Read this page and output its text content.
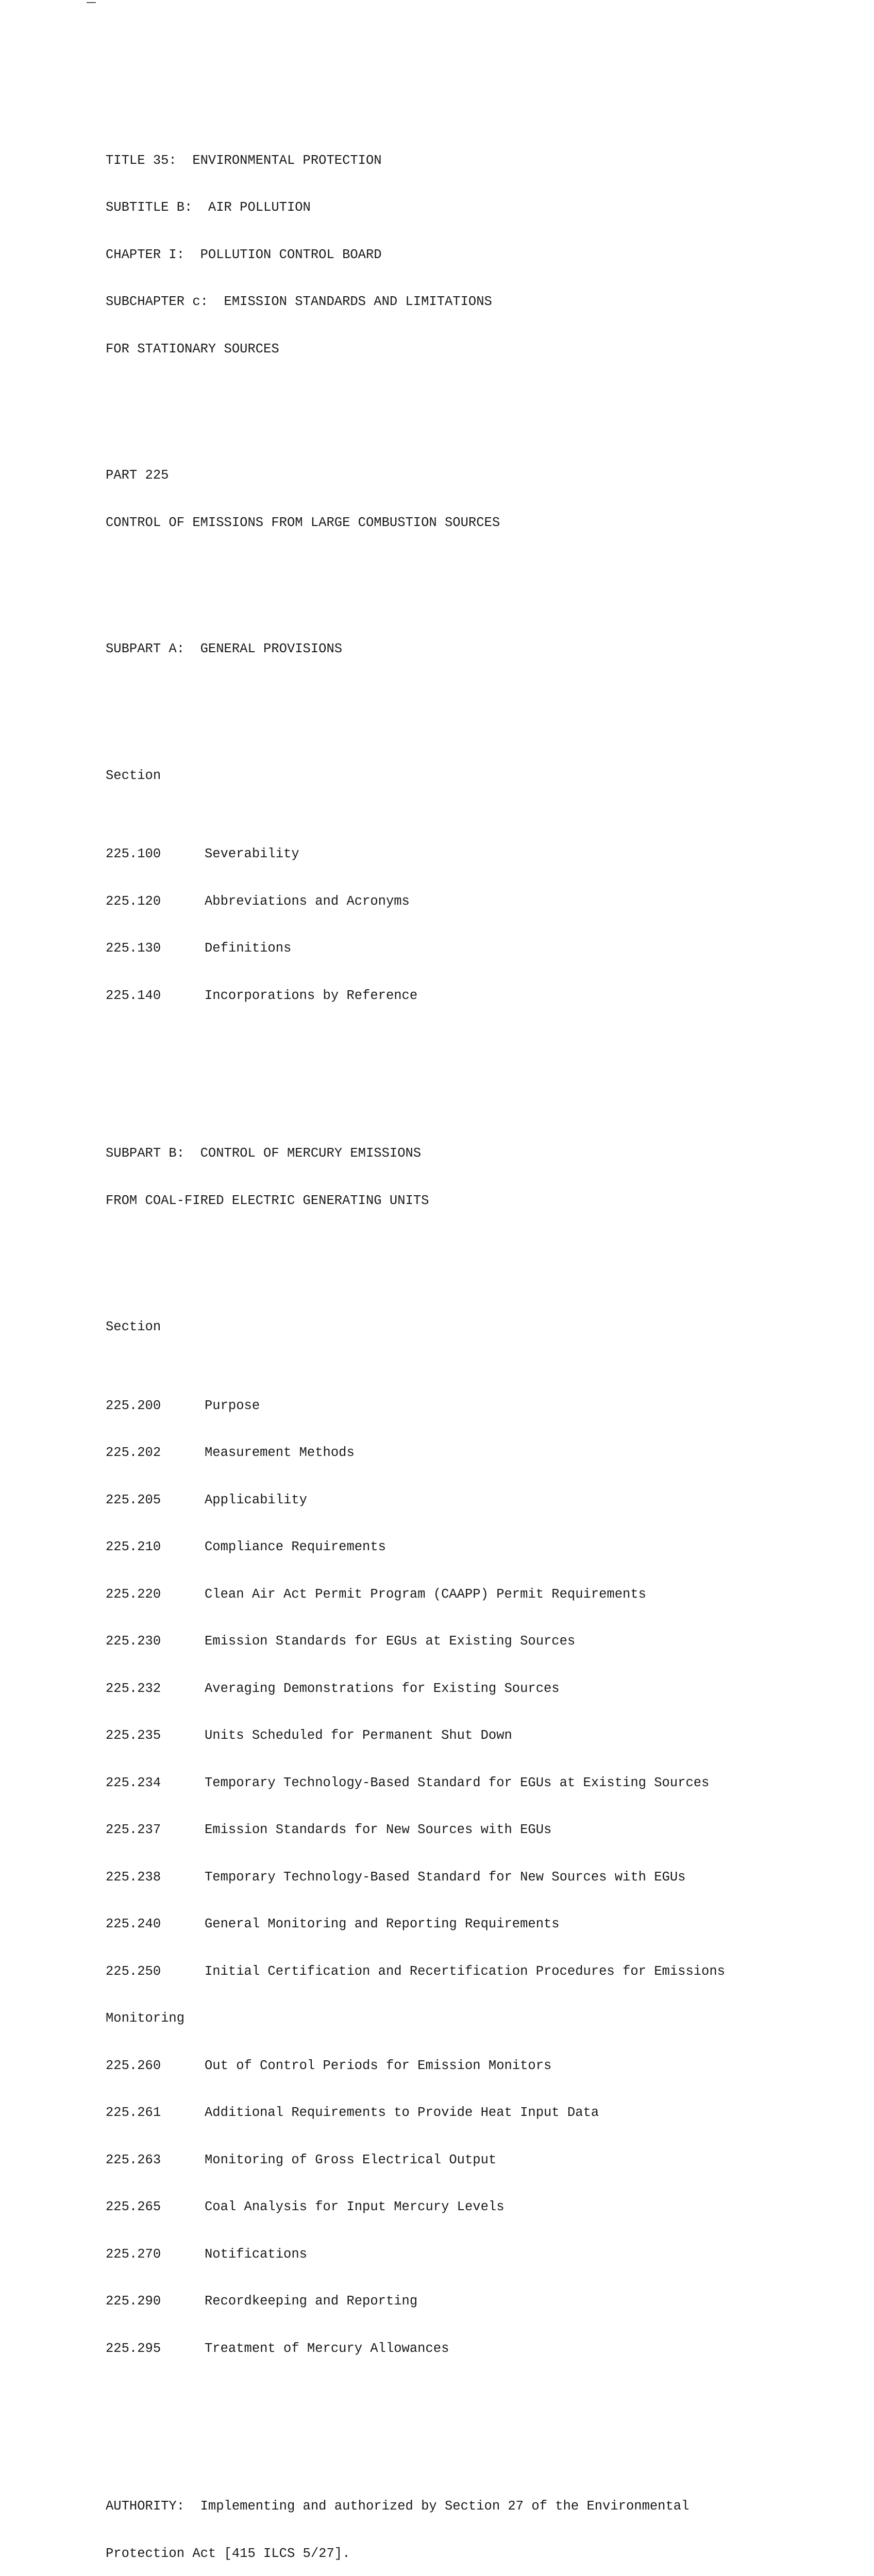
TITLE 35:  ENVIRONMENTAL PROTECTION

SUBTITLE B:  AIR POLLUTION

CHAPTER I:  POLLUTION CONTROL BOARD

SUBCHAPTER c:  EMISSION STANDARDS AND LIMITATIONS

FOR STATIONARY SOURCES

PART 225

CONTROL OF EMISSIONS FROM LARGE COMBUSTION SOURCES

SUBPART A:  GENERAL PROVISIONS

Section

225.100	Severability

225.120	Abbreviations and Acronyms

225.130	Definitions

225.140	Incorporations by Reference

SUBPART B:  CONTROL OF MERCURY EMISSIONS

FROM COAL-FIRED ELECTRIC GENERATING UNITS

Section

225.200	Purpose

225.202	Measurement Methods

225.205	Applicability

225.210	Compliance Requirements

225.220	Clean Air Act Permit Program (CAAPP) Permit Requirements

225.230	Emission Standards for EGUs at Existing Sources

225.232	Averaging Demonstrations for Existing Sources

225.235	Units Scheduled for Permanent Shut Down

225.234	Temporary Technology-Based Standard for EGUs at Existing Sources

225.237	Emission Standards for New Sources with EGUs

225.238	Temporary Technology-Based Standard for New Sources with EGUs

225.240	General Monitoring and Reporting Requirements

225.250	Initial Certification and Recertification Procedures for Emissions

Monitoring

225.260	Out of Control Periods for Emission Monitors

225.261	Additional Requirements to Provide Heat Input Data

225.263	Monitoring of Gross Electrical Output

225.265	Coal Analysis for Input Mercury Levels

225.270	Notifications

225.290	Recordkeeping and Reporting

225.295	Treatment of Mercury Allowances

AUTHORITY:  Implementing and authorized by Section 27 of the Environmental

Protection Act [415 ILCS 5/27].
